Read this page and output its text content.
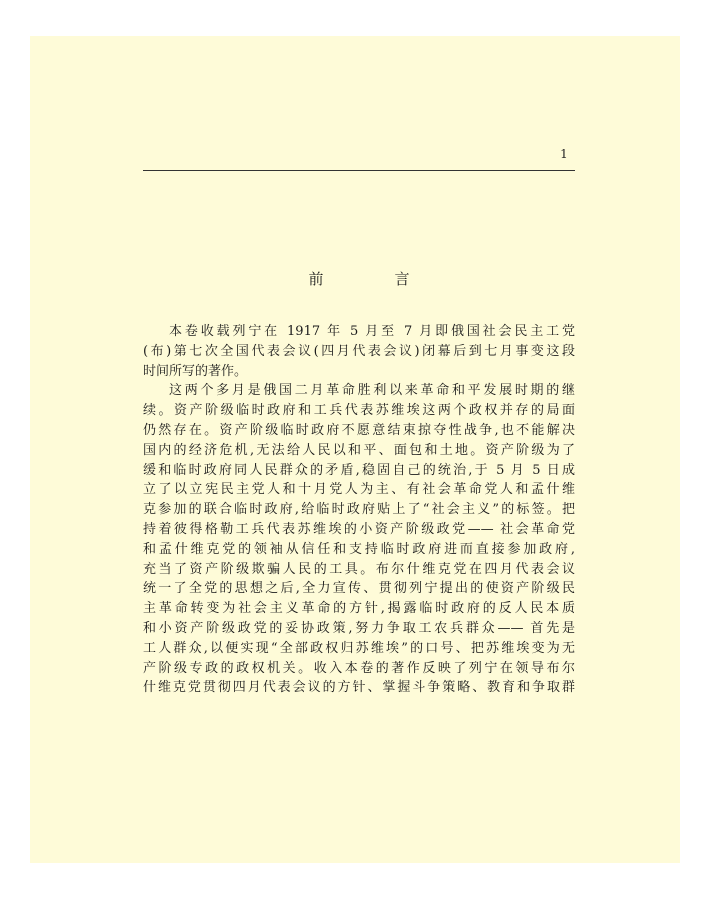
1
前　言
本卷收载列宁在 1917 年 5 月至 7 月即俄国社会民主工党
(布)第七次全国代表会议(四月代表会议)闭幕后到七月事变这段
时间所写的著作。
这两个多月是俄国二月革命胜利以来革命和平发展时期的继
续。资产阶级临时政府和工兵代表苏维埃这两个政权并存的局面
仍然存在。资产阶级临时政府不愿意结束掠夺性战争,也不能解决
国内的经济危机,无法给人民以和平、面包和土地。资产阶级为了
缓和临时政府同人民群众的矛盾,稳固自己的统治,于 5 月 5 日成
立了以立宪民主党人和十月党人为主、有社会革命党人和孟什维
克参加的联合临时政府,给临时政府贴上了“社会主义”的标签。把
持着彼得格勒工兵代表苏维埃的小资产阶级政党—— 社会革命党
和孟什维克党的领袖从信任和支持临时政府进而直接参加政府,
充当了资产阶级欺骗人民的工具。布尔什维克党在四月代表会议
统一了全党的思想之后,全力宣传、贯彻列宁提出的使资产阶级民
主革命转变为社会主义革命的方针,揭露临时政府的反人民本质
和小资产阶级政党的妥协政策,努力争取工农兵群众—— 首先是
工人群众,以便实现“全部政权归苏维埃”的口号、把苏维埃变为无
产阶级专政的政权机关。收入本卷的著作反映了列宁在领导布尔
什维克党贯彻四月代表会议的方针、掌握斗争策略、教育和争取群
